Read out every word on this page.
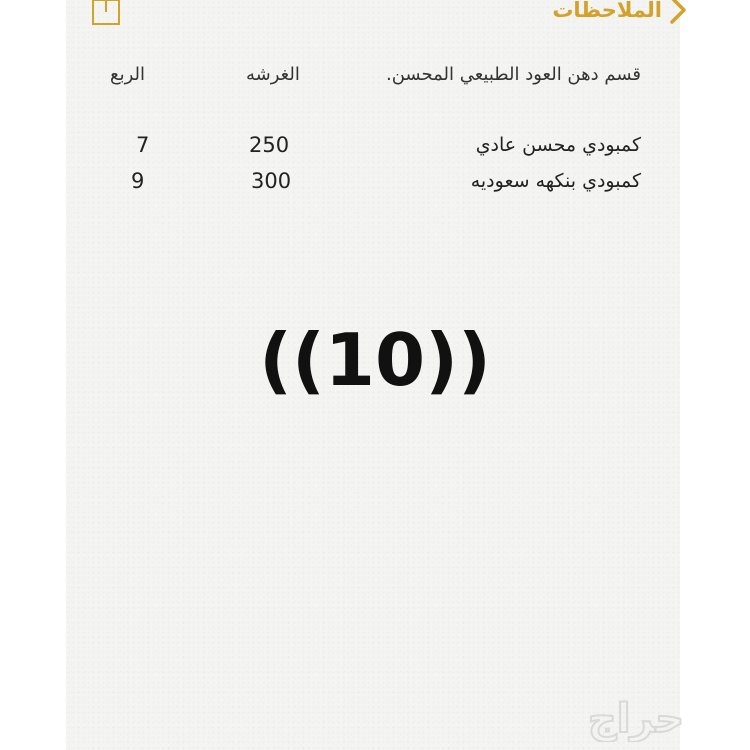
الملاحظات
قسم دهن العود الطبيعي المحسن.
الغرشه
الربع
كمبودي محسن عادي
250
7
كمبودي بنكهه سعوديه
300
9
((10))
حراج
